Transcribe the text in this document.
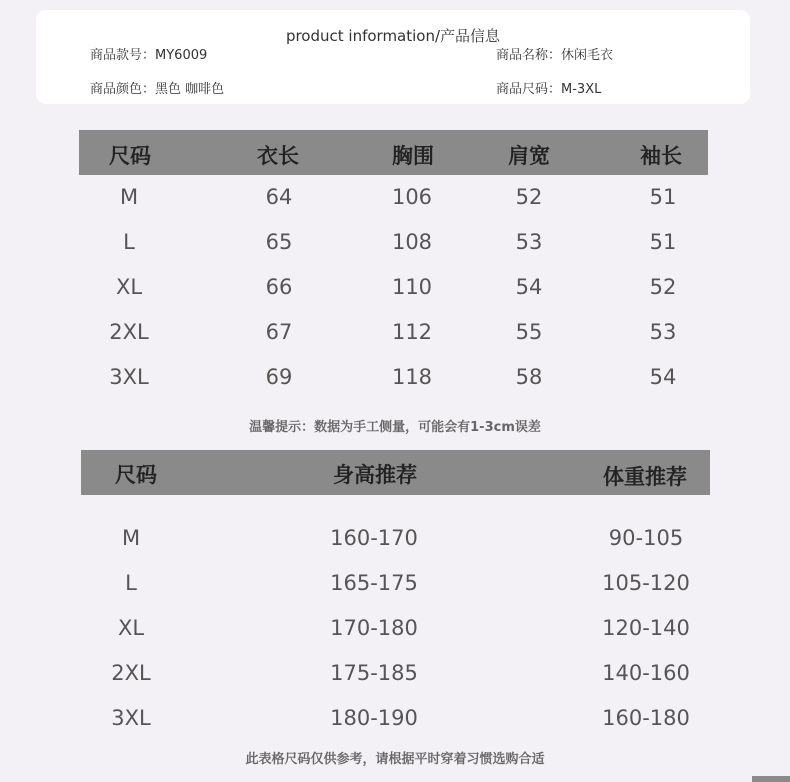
product information/产品信息
商品款号：MY6009	商品名称：休闲毛衣
商品颜色：黑色 咖啡色	商品尺码：M-3XL
尺码	衣长	胸围	肩宽	袖长
M	64	106	52	51
L	65	108	53	51
XL	66	110	54	52
2XL	67	112	55	53
3XL	69	118	58	54
温馨提示：数据为手工侧量，可能会有1-3cm误差
尺码	身高推荐	体重推荐
M	160-170	90-105
L	165-175	105-120
XL	170-180	120-140
2XL	175-185	140-160
3XL	180-190	160-180
此表格尺码仅供参考，请根据平时穿着习惯选购合适
